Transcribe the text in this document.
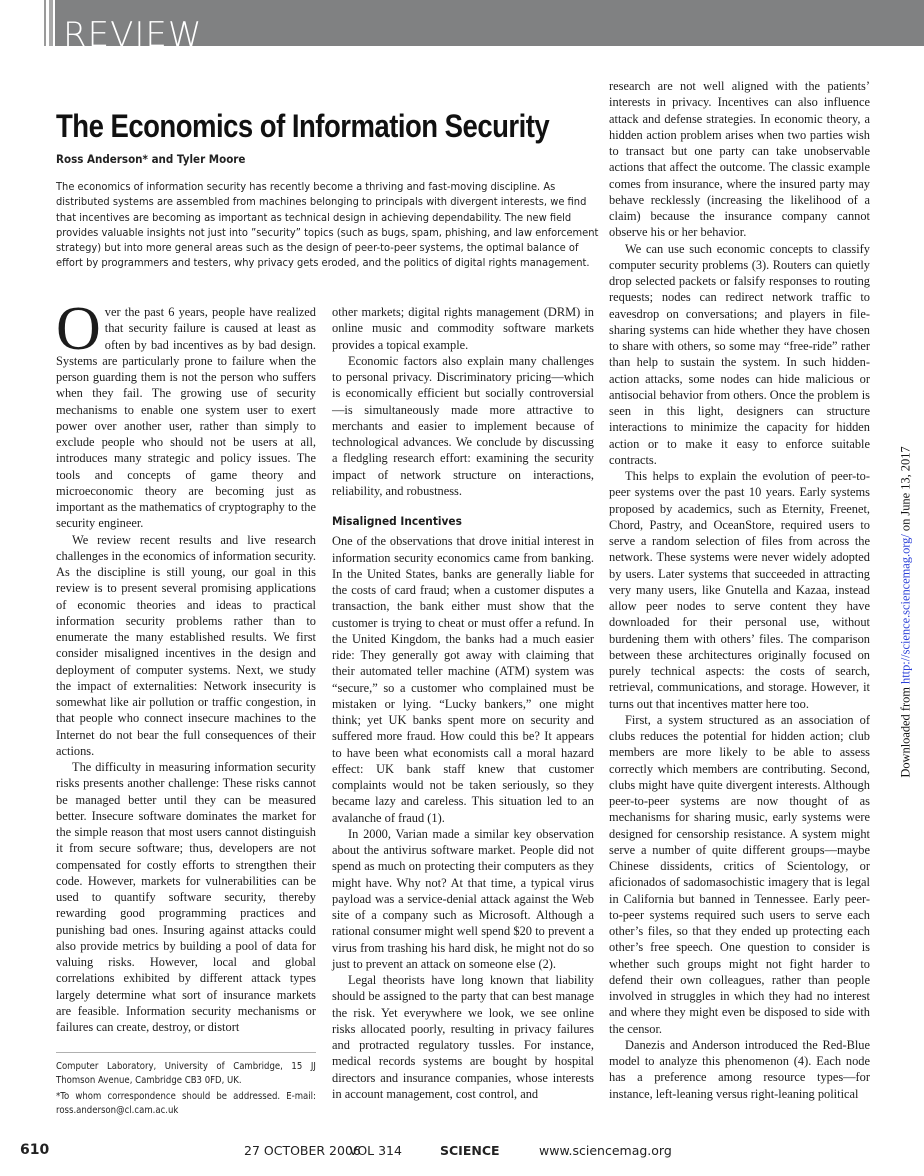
REVIEW
The Economics of Information Security
Ross Anderson* and Tyler Moore
The economics of information security has recently become a thriving and fast-moving discipline. As distributed systems are assembled from machines belonging to principals with divergent interests, we find that incentives are becoming as important as technical design in achieving dependability. The new field provides valuable insights not just into ”security” topics (such as bugs, spam, phishing, and law enforcement strategy) but into more general areas such as the design of peer-to-peer systems, the optimal balance of effort by programmers and testers, why privacy gets eroded, and the politics of digital rights management.

Over the past 6 years, people have realized that security failure is caused at least as often by bad incentives as by bad design. Systems are particularly prone to failure when the person guarding them is not the person who suffers when they fail. The growing use of security mechanisms to enable one system user to exert power over another user, rather than simply to exclude people who should not be users at all, introduces many strategic and policy issues. The tools and concepts of game theory and microeconomic theory are becoming just as important as the mathematics of cryptography to the security engineer.

We review recent results and live research challenges in the economics of information security. As the discipline is still young, our goal in this review is to present several promising applications of economic theories and ideas to practical information security problems rather than to enumerate the many established results. We first consider misaligned incentives in the design and deployment of computer systems. Next, we study the impact of externalities: Network insecurity is somewhat like air pollution or traffic congestion, in that people who connect insecure machines to the Internet do not bear the full consequences of their actions.

The difficulty in measuring information security risks presents another challenge: These risks cannot be managed better until they can be measured better. Insecure software dominates the market for the simple reason that most users cannot distinguish it from secure software; thus, developers are not compensated for costly efforts to strengthen their code. However, markets for vulnerabilities can be used to quantify software security, thereby rewarding good programming practices and punishing bad ones. Insuring against attacks could also provide metrics by building a pool of data for valuing risks. However, local and global correlations exhibited by different attack types largely determine what sort of insurance markets are feasible. Information security mechanisms or failures can create, destroy, or distort

other markets; digital rights management (DRM) in online music and commodity software markets provides a topical example.

Economic factors also explain many challenges to personal privacy. Discriminatory pricing—which is economically efficient but socially controversial—is simultaneously made more attractive to merchants and easier to implement because of technological advances. We conclude by discussing a fledgling research effort: examining the security impact of network structure on interactions, reliability, and robustness.

Misaligned Incentives

One of the observations that drove initial interest in information security economics came from banking. In the United States, banks are generally liable for the costs of card fraud; when a customer disputes a transaction, the bank either must show that the customer is trying to cheat or must offer a refund. In the United Kingdom, the banks had a much easier ride: They generally got away with claiming that their automated teller machine (ATM) system was “secure,” so a customer who complained must be mistaken or lying. “Lucky bankers,” one might think; yet UK banks spent more on security and suffered more fraud. How could this be? It appears to have been what economists call a moral hazard effect: UK bank staff knew that customer complaints would not be taken seriously, so they became lazy and careless. This situation led to an avalanche of fraud (1).

In 2000, Varian made a similar key observation about the antivirus software market. People did not spend as much on protecting their computers as they might have. Why not? At that time, a typical virus payload was a service-denial attack against the Web site of a company such as Microsoft. Although a rational consumer might well spend $20 to prevent a virus from trashing his hard disk, he might not do so just to prevent an attack on someone else (2).

Legal theorists have long known that liability should be assigned to the party that can best manage the risk. Yet everywhere we look, we see online risks allocated poorly, resulting in privacy failures and protracted regulatory tussles. For instance, medical records systems are bought by hospital directors and insurance companies, whose interests in account management, cost control, and

research are not well aligned with the patients’ interests in privacy. Incentives can also influence attack and defense strategies. In economic theory, a hidden action problem arises when two parties wish to transact but one party can take unobservable actions that affect the outcome. The classic example comes from insurance, where the insured party may behave recklessly (increasing the likelihood of a claim) because the insurance company cannot observe his or her behavior.

We can use such economic concepts to classify computer security problems (3). Routers can quietly drop selected packets or falsify responses to routing requests; nodes can redirect network traffic to eavesdrop on conversations; and players in file-sharing systems can hide whether they have chosen to share with others, so some may “free-ride” rather than help to sustain the system. In such hidden-action attacks, some nodes can hide malicious or antisocial behavior from others. Once the problem is seen in this light, designers can structure interactions to minimize the capacity for hidden action or to make it easy to enforce suitable contracts.

This helps to explain the evolution of peer-to-peer systems over the past 10 years. Early systems proposed by academics, such as Eternity, Freenet, Chord, Pastry, and OceanStore, required users to serve a random selection of files from across the network. These systems were never widely adopted by users. Later systems that succeeded in attracting very many users, like Gnutella and Kazaa, instead allow peer nodes to serve content they have downloaded for their personal use, without burdening them with others’ files. The comparison between these architectures originally focused on purely technical aspects: the costs of search, retrieval, communications, and storage. However, it turns out that incentives matter here too.

First, a system structured as an association of clubs reduces the potential for hidden action; club members are more likely to be able to assess correctly which members are contributing. Second, clubs might have quite divergent interests. Although peer-to-peer systems are now thought of as mechanisms for sharing music, early systems were designed for censorship resistance. A system might serve a number of quite different groups—maybe Chinese dissidents, critics of Scientology, or aficionados of sadomasochistic imagery that is legal in California but banned in Tennessee. Early peer-to-peer systems required such users to serve each other’s files, so that they ended up protecting each other’s free speech. One question to consider is whether such groups might not fight harder to defend their own colleagues, rather than people involved in struggles in which they had no interest and where they might even be disposed to side with the censor.

Danezis and Anderson introduced the Red-Blue model to analyze this phenomenon (4). Each node has a preference among resource types—for instance, left-leaning versus right-leaning political

Computer Laboratory, University of Cambridge, 15 JJ Thomson Avenue, Cambridge CB3 0FD, UK.

*To whom correspondence should be addressed. E-mail: ross.anderson@cl.cam.ac.uk

610	27 OCTOBER 2006
VOL 314	SCIENCE	www.sciencemag.org
Downloaded from http://science.sciencemag.org/ on June 13, 2017
